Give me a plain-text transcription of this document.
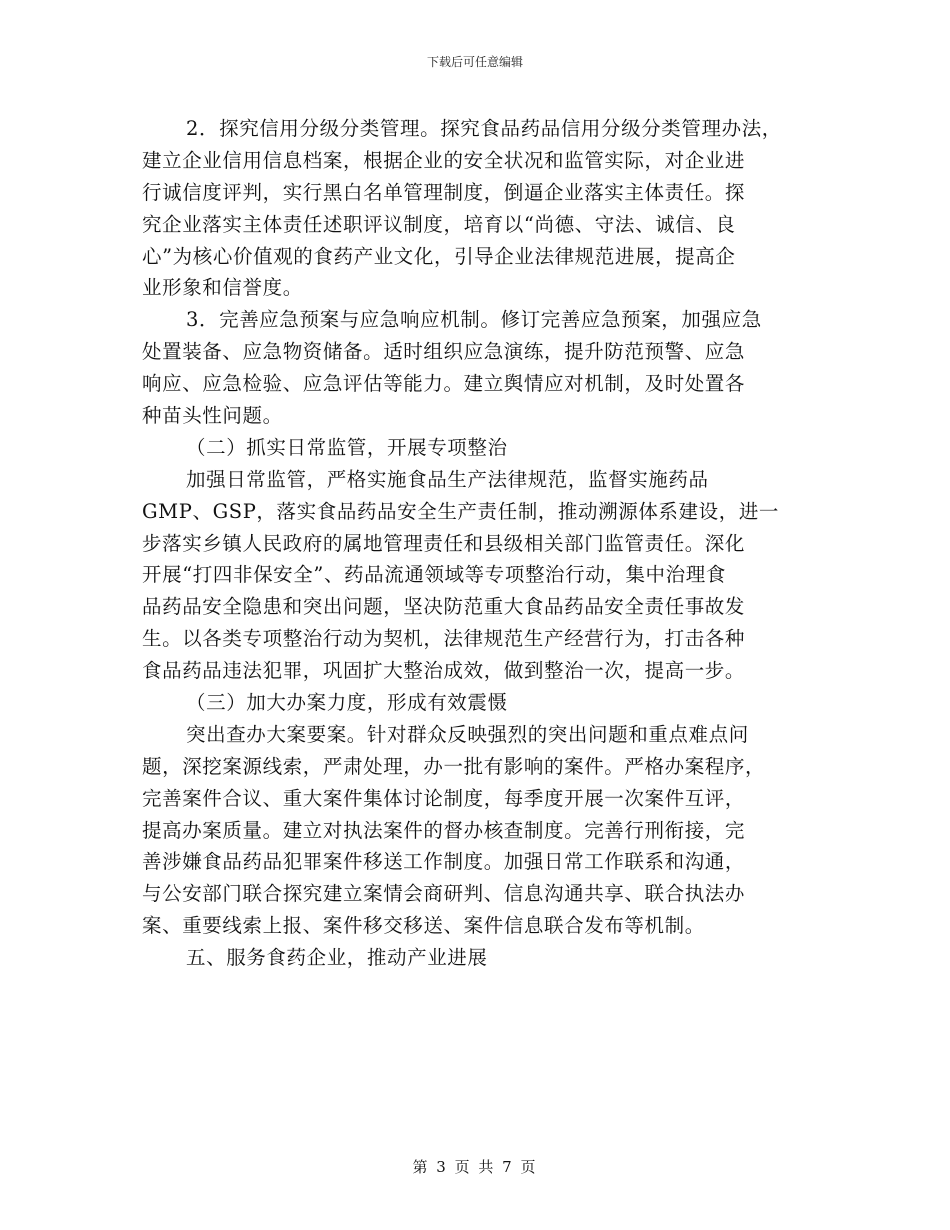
下载后可任意编辑
2．探究信用分级分类管理。探究食品药品信用分级分类管理办法，
建立企业信用信息档案，根据企业的安全状况和监管实际，对企业进
行诚信度评判，实行黑白名单管理制度，倒逼企业落实主体责任。探
究企业落实主体责任述职评议制度，培育以“尚德、守法、诚信、良
心”为核心价值观的食药产业文化，引导企业法律规范进展，提高企
业形象和信誉度。
3．完善应急预案与应急响应机制。修订完善应急预案，加强应急
处置装备、应急物资储备。适时组织应急演练，提升防范预警、应急
响应、应急检验、应急评估等能力。建立舆情应对机制，及时处置各
种苗头性问题。
（二）抓实日常监管，开展专项整治
加强日常监管，严格实施食品生产法律规范，监督实施药品
GMP、GSP，落实食品药品安全生产责任制，推动溯源体系建设，进一
步落实乡镇人民政府的属地管理责任和县级相关部门监管责任。深化
开展“打四非保安全”、药品流通领域等专项整治行动，集中治理食
品药品安全隐患和突出问题，坚决防范重大食品药品安全责任事故发
生。以各类专项整治行动为契机，法律规范生产经营行为，打击各种
食品药品违法犯罪，巩固扩大整治成效，做到整治一次，提高一步。
（三）加大办案力度，形成有效震慑
突出查办大案要案。针对群众反映强烈的突出问题和重点难点问
题，深挖案源线索，严肃处理，办一批有影响的案件。严格办案程序，
完善案件合议、重大案件集体讨论制度，每季度开展一次案件互评，
提高办案质量。建立对执法案件的督办核查制度。完善行刑衔接，完
善涉嫌食品药品犯罪案件移送工作制度。加强日常工作联系和沟通，
与公安部门联合探究建立案情会商研判、信息沟通共享、联合执法办
案、重要线索上报、案件移交移送、案件信息联合发布等机制。
五、服务食药企业，推动产业进展
第 3 页 共 7 页
